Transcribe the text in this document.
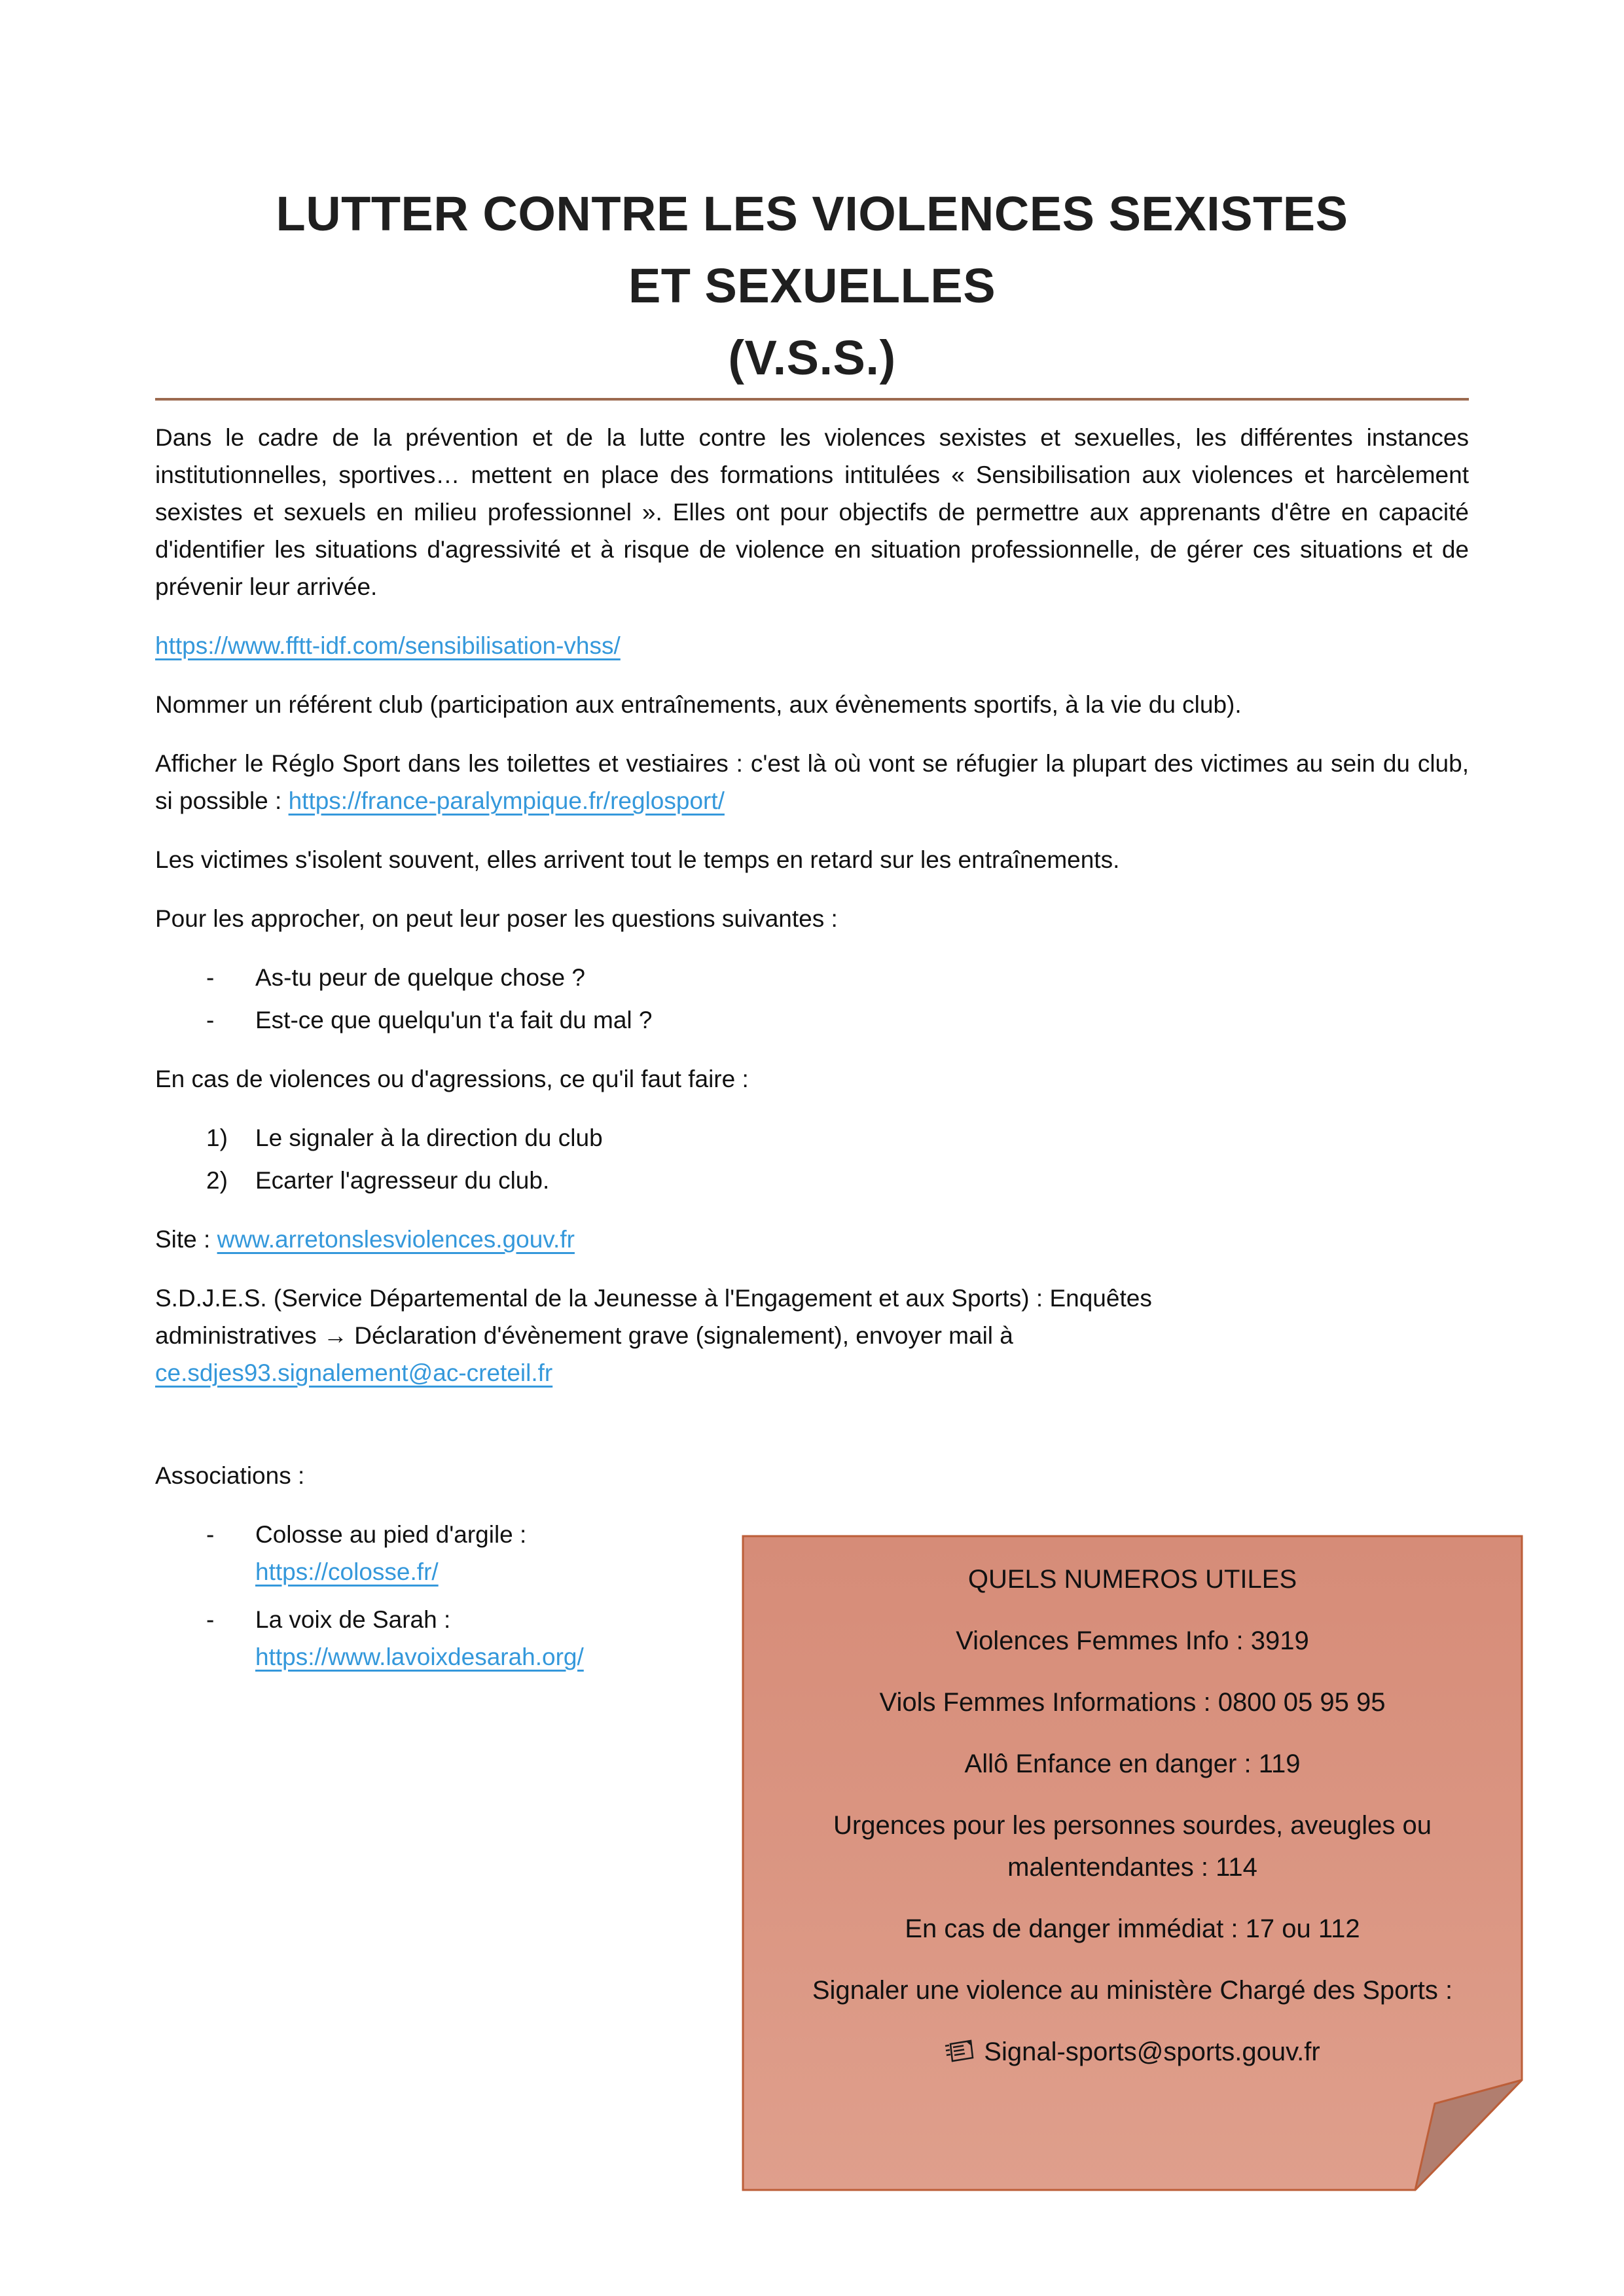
LUTTER CONTRE LES VIOLENCES SEXISTES
ET SEXUELLES
(V.S.S.)

Dans le cadre de la prévention et de la lutte contre les violences sexistes et sexuelles, les différentes instances institutionnelles, sportives… mettent en place des formations intitulées « Sensibilisation aux violences et harcèlement sexistes et sexuels en milieu professionnel ». Elles ont pour objectifs de permettre aux apprenants d'être en capacité d'identifier les situations d'agressivité et à risque de violence en situation professionnelle, de gérer ces situations et de prévenir leur arrivée.

https://www.fftt-idf.com/sensibilisation-vhss/

Nommer un référent club (participation aux entraînements, aux évènements sportifs, à la vie du club).

Afficher le Réglo Sport dans les toilettes et vestiaires : c'est là où vont se réfugier la plupart des victimes au sein du club, si possible : https://france-paralympique.fr/reglosport/

Les victimes s'isolent souvent, elles arrivent tout le temps en retard sur les entraînements.

Pour les approcher, on peut leur poser les questions suivantes :

-	As-tu peur de quelque chose ?
-	Est-ce que quelqu'un t'a fait du mal ?

En cas de violences ou d'agressions, ce qu'il faut faire :

1)	Le signaler à la direction du club
2)	Ecarter l'agresseur du club.

Site : www.arretonslesviolences.gouv.fr

S.D.J.E.S. (Service Départemental de la Jeunesse à l'Engagement et aux Sports) : Enquêtes
administratives → Déclaration d'évènement grave (signalement), envoyer mail à
ce.sdjes93.signalement@ac-creteil.fr

Associations :

-	Colosse au pied d'argile :
https://colosse.fr/
-	La voix de Sarah :
https://www.lavoixdesarah.org/

QUELS NUMEROS UTILES

Violences Femmes Info : 3919

Viols Femmes Informations : 0800 05 95 95

Allô Enfance en danger : 119

Urgences pour les personnes sourdes, aveugles ou malentendantes : 114

En cas de danger immédiat : 17 ou 112

Signaler une violence au ministère Chargé des Sports :

Signal-sports@sports.gouv.fr
